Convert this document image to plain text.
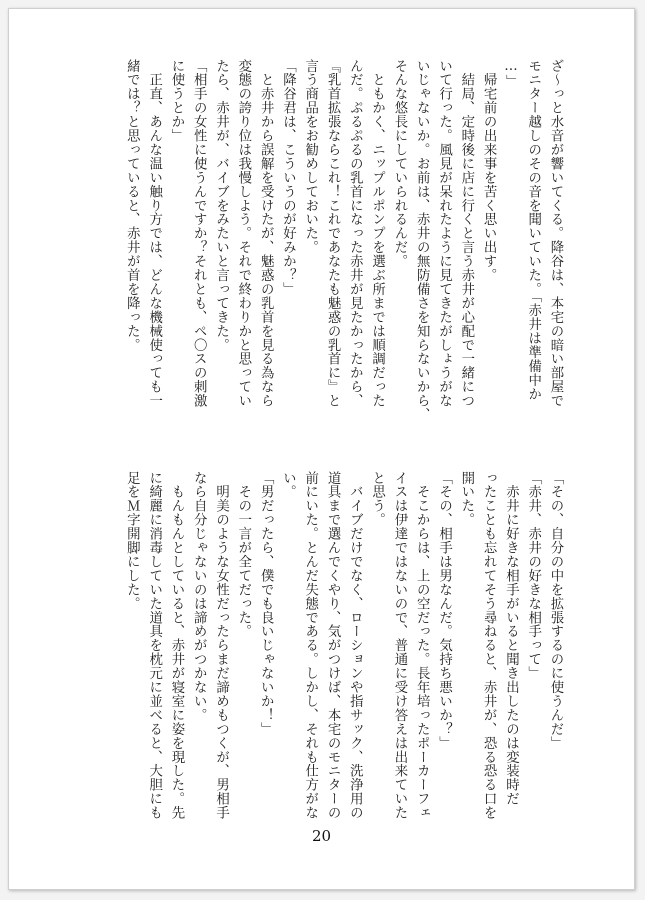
ざ〜っと水音が響いてくる。降谷は、本宅の暗い部屋で
モニター越しのその音を聞いていた。「赤井は準備中か
…」
　帰宅前の出来事を苦く思い出す。
　結局、定時後に店に行くと言う赤井が心配で一緒につ
いて行った。風見が呆れたように見てきたがしょうがな
いじゃないか。お前は、赤井の無防備さを知らないから、
そんな悠長にしていられるんだ。
　ともかく、ニップルポンプを選ぶ所までは順調だった
んだ。ぷるぷるの乳首になった赤井が見たかったから、
『乳首拡張ならこれ！これであなたも魅惑の乳首に』と
言う商品をお勧めしておいた。
「降谷君は、こういうのが好みか？」
　と赤井から誤解を受けたが、魅惑の乳首を見る為なら
変態の誇り位は我慢しよう。それで終わりかと思ってい
たら、赤井が、バイブをみたいと言ってきた。
「相手の女性に使うんですか？それとも、ペ〇スの刺激
に使うとか」
　正直、あんな温い触り方では、どんな機械使っても一
緒では？と思っていると、赤井が首を降った。
「その、自分の中を拡張するのに使うんだ」
「赤井、赤井の好きな相手って」
　赤井に好きな相手がいると聞き出したのは変装時だ
ったことも忘れてそう尋ねると、赤井が、恐る恐る口を
開いた。
「その、相手は男なんだ。気持ち悪いか？」
　そこからは、上の空だった。長年培ったポーカーフェ
イスは伊達ではないので、普通に受け答えは出来ていた
と思う。
　バイブだけでなく、ローションや指サック、洗浄用の
道具まで選んでくやり、気がつけば、本宅のモニターの
前にいた。とんだ失態である。しかし、それも仕方がな
い。
「男だったら、僕でも良いじゃないか！」
　その一言が全てだった。
　明美のような女性だったらまだ諦めもつくが、男相手
なら自分じゃないのは諦めがつかない。
　もんもんとしていると、赤井が寝室に姿を現した。先
に綺麗に消毒していた道具を枕元に並べると、大胆にも
足をＭ字開脚にした。
20
